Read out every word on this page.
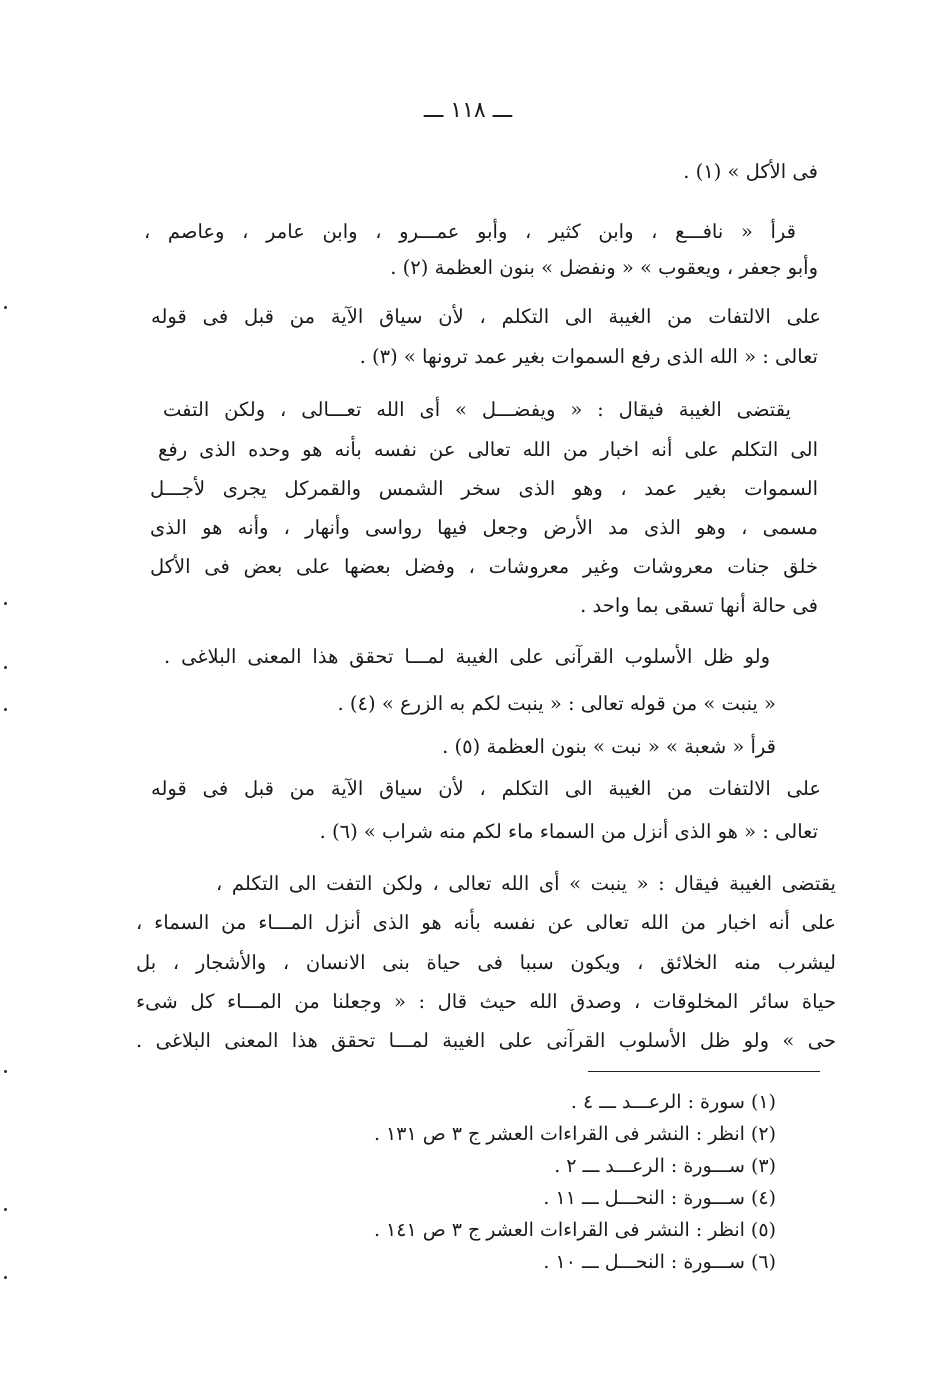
ـــ ١١٨ ـــ
فى الأكل » (١) .
قرأ « نافـــع ، وابن كثير ، وأبو عمـــرو ، وابن عامر ، وعاصم ،
وأبو جعفر ، ويعقوب » « ونفضل » بنون العظمة (٢) .
على الالتفات من الغيبة الى التكلم ، لأن سياق الآية من قبل فى قوله
تعالى : « الله الذى رفع السموات بغير عمد ترونها » (٣) .
يقتضى الغيبة فيقال : « ويفضـــل » أى الله تعـــالى ، ولكن التفت
الى التكلم على أنه اخبار من الله تعالى عن نفسه بأنه هو وحده الذى رفع
السموات بغير عمد ، وهو الذى سخر الشمس والقمركل يجرى لأجـــل
مسمى ، وهو الذى مد الأرض وجعل فيها رواسى وأنهار ، وأنه هو الذى
خلق جنات معروشات وغير معروشات ، وفضل بعضها على بعض فى الأكل
فى حالة أنها تسقى بما واحد .
ولو ظل الأسلوب القرآنى على الغيبة لمـــا تحقق هذا المعنى البلاغى .
« ينبت » من قوله تعالى : « ينبت لكم به الزرع » (٤) .
قرأ « شعبة » « نبت » بنون العظمة (٥) .
على الالتفات من الغيبة الى التكلم ، لأن سياق الآية من قبل فى قوله
تعالى : « هو الذى أنزل من السماء ماء لكم منه شراب » (٦) .
يقتضى الغيبة فيقال : « ينبت » أى الله تعالى ، ولكن التفت الى التكلم ،
على أنه اخبار من الله تعالى عن نفسه بأنه هو الذى أنزل المـــاء من السماء ،
ليشرب منه الخلائق ، ويكون سببا فى حياة بنى الانسان ، والأشجار ، بل
حياة سائر المخلوقات ، وصدق الله حيث قال : « وجعلنا من المـــاء كل شىء
حى » ولو ظل الأسلوب القرآنى على الغيبة لمـــا تحقق هذا المعنى البلاغى .
(١) سورة : الرعـــد ـــ ٤ .
(٢) انظر : النشر فى القراءات العشر ج ٣ ص ١٣١ .
(٣) ســـورة : الرعـــد ـــ ٢ .
(٤) ســـورة : النحـــل ـــ ١١ .
(٥) انظر : النشر فى القراءات العشر ج ٣ ص ١٤١ .
(٦) ســـورة : النحـــل ـــ ١٠ .
